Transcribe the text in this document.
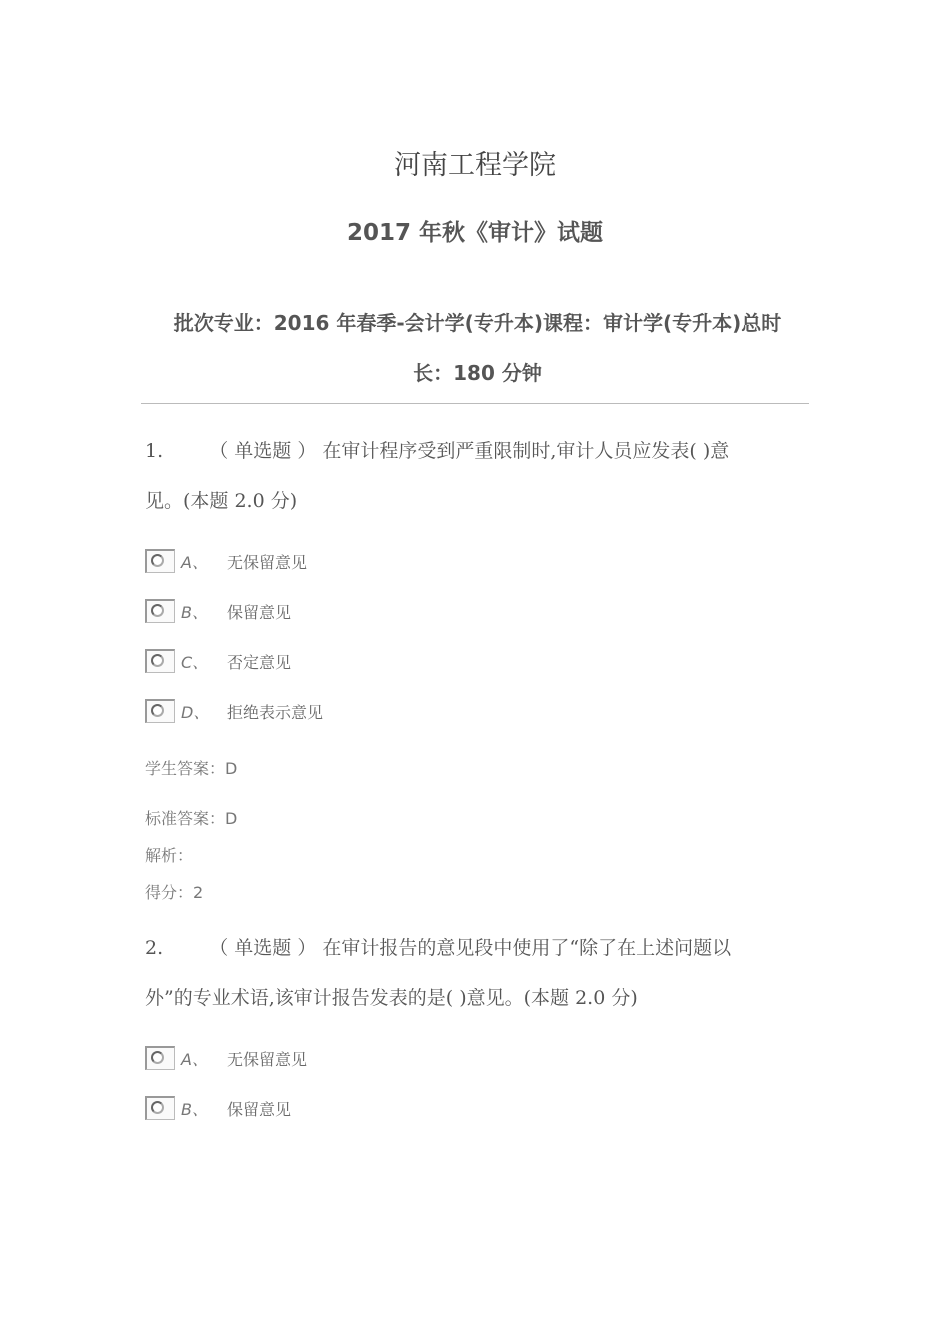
河南工程学院
2017 年秋《审计》试题
批次专业：2016 年春季-会计学(专升本)课程：审计学(专升本)总时
长：180 分钟
1. （ 单选题 ） 在审计程序受到严重限制时,审计人员应发表( )意
见。(本题 2.0 分)
A、	无保留意见
B、	保留意见
C、	否定意见
D、	拒绝表示意见
学生答案：D
标准答案：D
解析：
得分：2
2. （ 单选题 ） 在审计报告的意见段中使用了“除了在上述问题以
外”的专业术语,该审计报告发表的是( )意见。(本题 2.0 分)
A、	无保留意见
B、	保留意见
